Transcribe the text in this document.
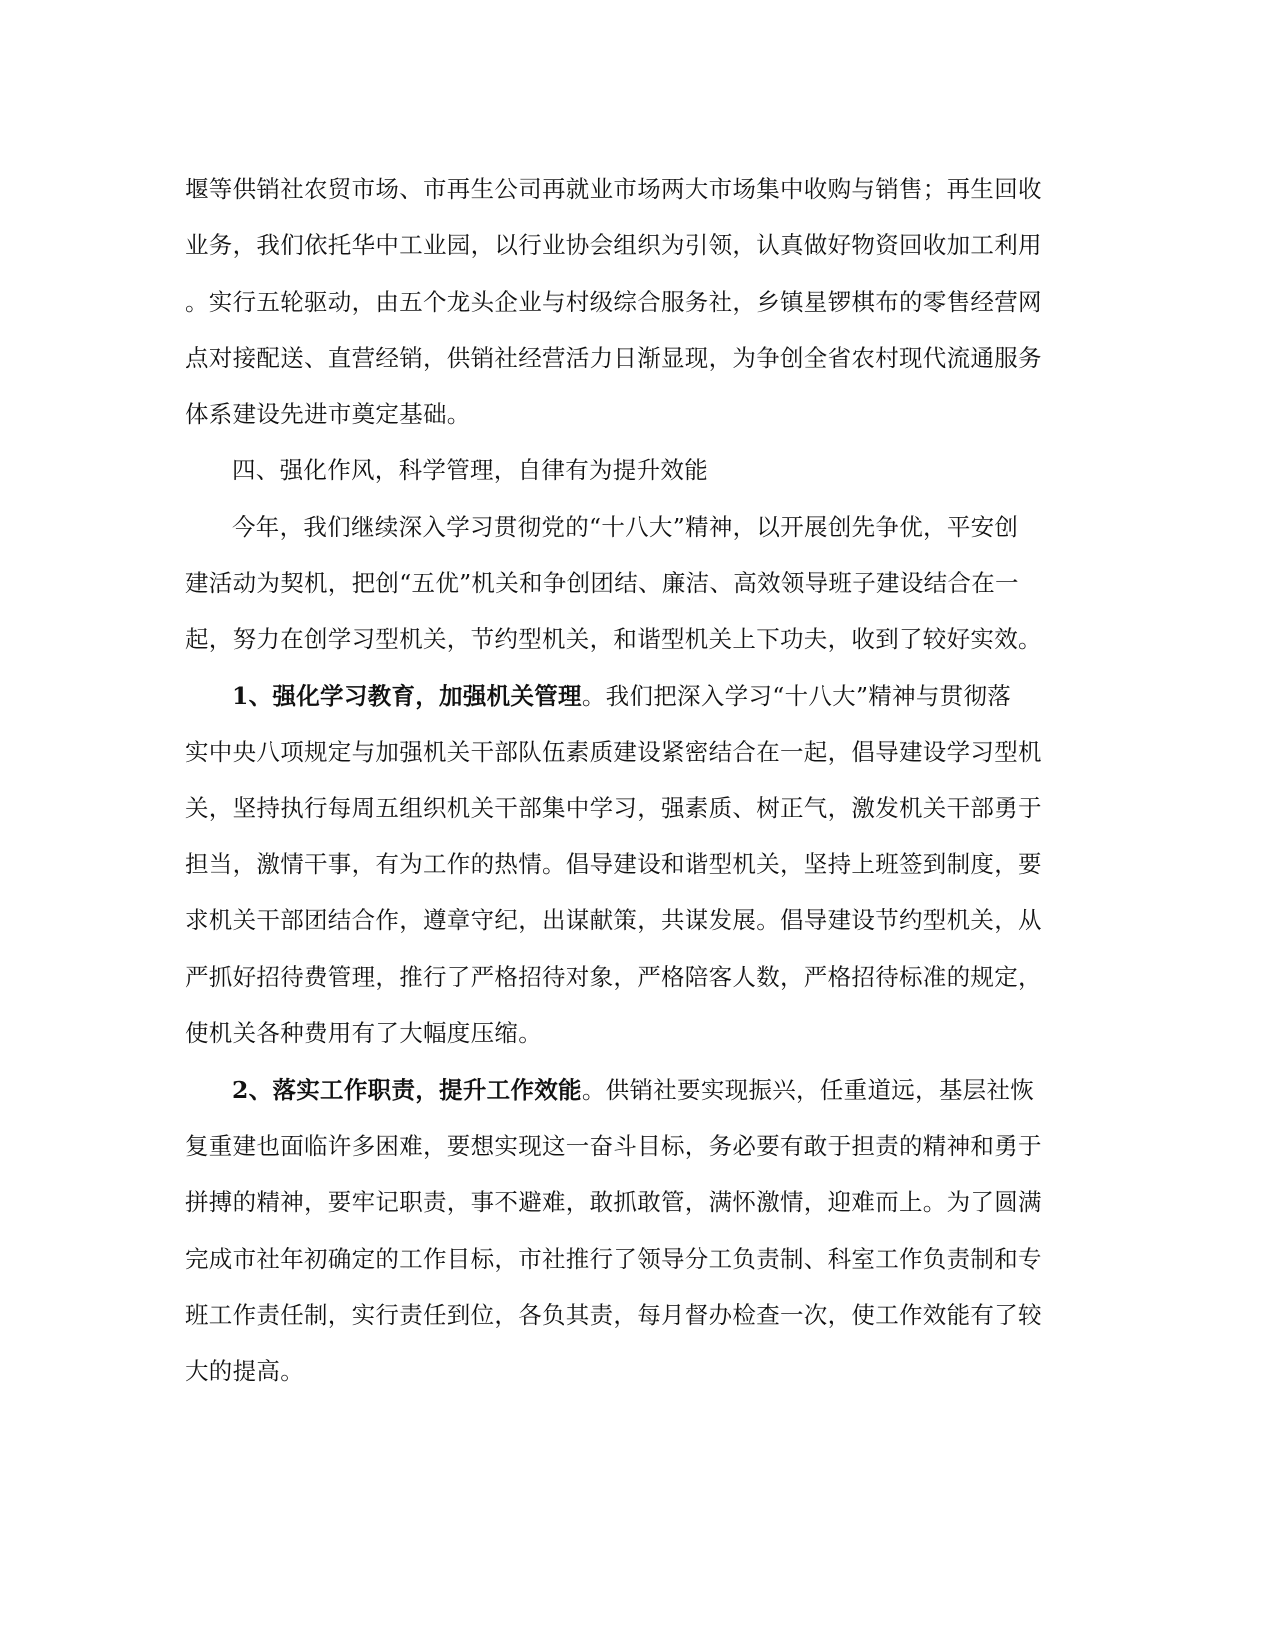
堰等供销社农贸市场、市再生公司再就业市场两大市场集中收购与销售；再生回收
业务，我们依托华中工业园，以行业协会组织为引领，认真做好物资回收加工利用
。实行五轮驱动，由五个龙头企业与村级综合服务社，乡镇星锣棋布的零售经营网
点对接配送、直营经销，供销社经营活力日渐显现，为争创全省农村现代流通服务
体系建设先进市奠定基础。
四、强化作风，科学管理，自律有为提升效能
今年，我们继续深入学习贯彻党的“十八大”精神，以开展创先争优，平安创
建活动为契机，把创“五优”机关和争创团结、廉洁、高效领导班子建设结合在一
起，努力在创学习型机关，节约型机关，和谐型机关上下功夫，收到了较好实效。
1、强化学习教育，加强机关管理。我们把深入学习“十八大”精神与贯彻落
实中央八项规定与加强机关干部队伍素质建设紧密结合在一起，倡导建设学习型机
关，坚持执行每周五组织机关干部集中学习，强素质、树正气，激发机关干部勇于
担当，激情干事，有为工作的热情。倡导建设和谐型机关，坚持上班签到制度，要
求机关干部团结合作，遵章守纪，出谋献策，共谋发展。倡导建设节约型机关，从
严抓好招待费管理，推行了严格招待对象，严格陪客人数，严格招待标准的规定，
使机关各种费用有了大幅度压缩。
2、落实工作职责，提升工作效能。供销社要实现振兴，任重道远，基层社恢
复重建也面临许多困难，要想实现这一奋斗目标，务必要有敢于担责的精神和勇于
拼搏的精神，要牢记职责，事不避难，敢抓敢管，满怀激情，迎难而上。为了圆满
完成市社年初确定的工作目标，市社推行了领导分工负责制、科室工作负责制和专
班工作责任制，实行责任到位，各负其责，每月督办检查一次，使工作效能有了较
大的提高。
